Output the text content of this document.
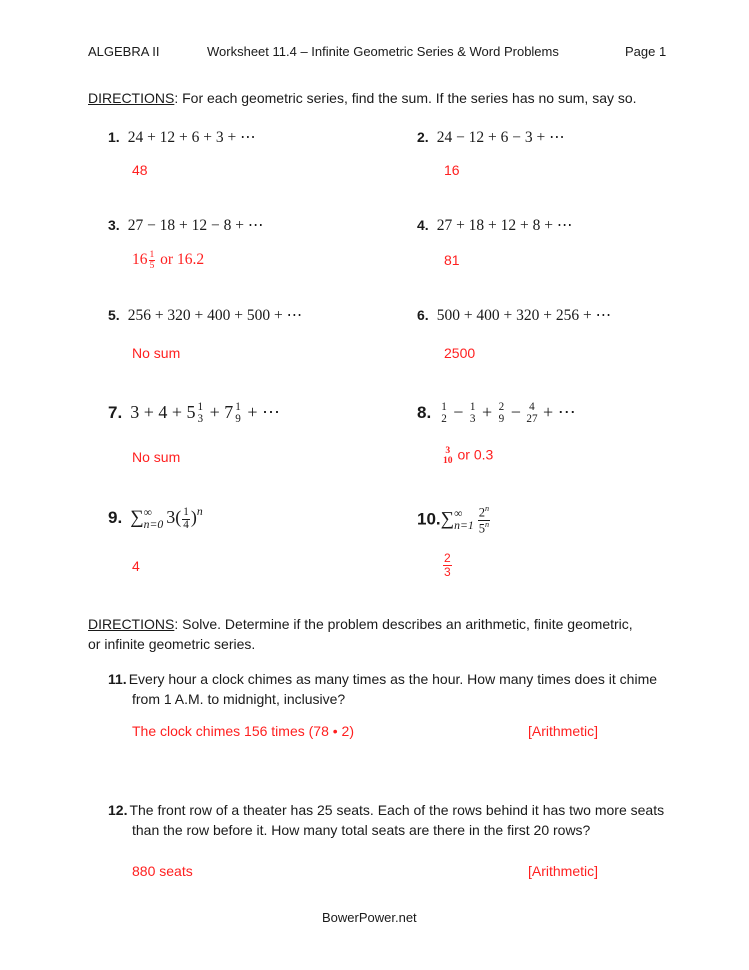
ALGEBRA II	Worksheet 11.4 – Infinite Geometric Series & Word Problems	Page 1
DIRECTIONS: For each geometric series, find the sum. If the series has no sum, say so.
1. 24 + 12 + 6 + 3 + ⋯
48
2. 24 − 12 + 6 − 3 + ⋯
16
3. 27 − 18 + 12 − 8 + ⋯
$16 \frac{1}{5}$ or 16.2
4. 27 + 18 + 12 + 8 + ⋯
81
5. 256 + 320 + 400 + 500 + ⋯
No sum
6. 500 + 400 + 320 + 256 + ⋯
2500
7. 3 + 4 + 5 1
3 + 7 1
9 + ⋯
No sum
8. 1
2 − 1
3 + 2
9 − 4
27 + ⋯
3
10 or 0.3
9. ∑ ∞
n=0 $3( \frac{1}{4} )^n$
4
10.∑ ∞
$n=1 \frac{2^n}{5^n}$
$\frac{2}{3}$
DIRECTIONS: Solve. Determine if the problem describes an arithmetic, finite geometric, or infinite geometric series.
11. Every hour a clock chimes as many times as the hour. How many times does it chime from 1 A.M. to midnight, inclusive?
The clock chimes 156 times (78 • 2)	[Arithmetic]
12. The front row of a theater has 25 seats. Each of the rows behind it has two more seats than the row before it. How many total seats are there in the first 20 rows?
880 seats	[Arithmetic]
BowerPower.net
